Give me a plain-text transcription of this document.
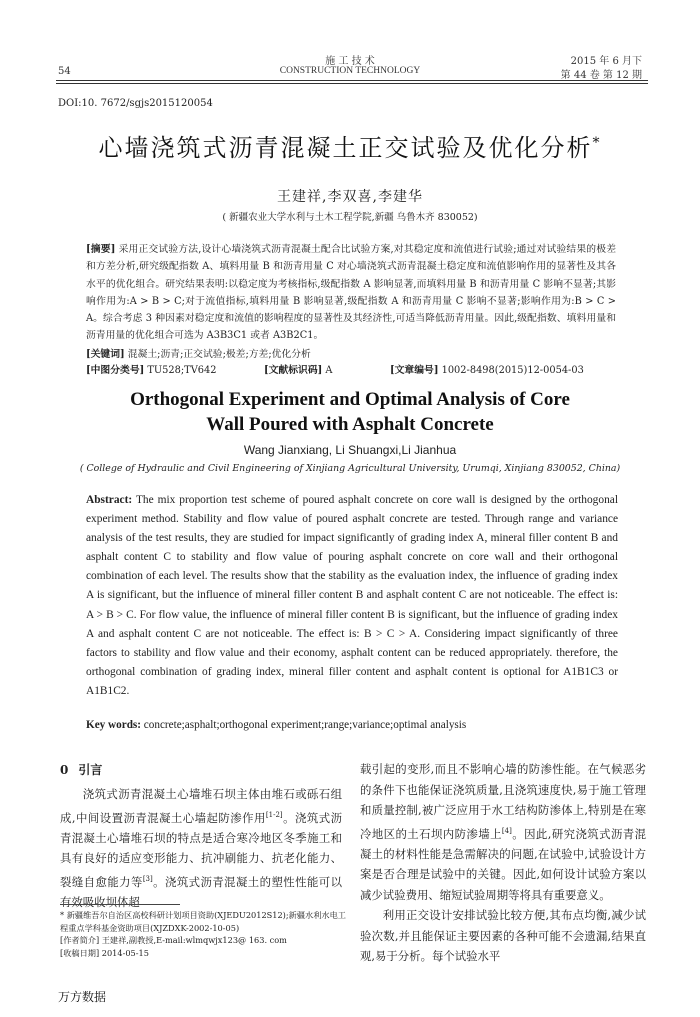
施 工 技 术
CONSTRUCTION TECHNOLOGY
54
2015 年 6 月下
第 44 卷 第 12 期
DOI:10. 7672/sgjs2015120054
心墙浇筑式沥青混凝土正交试验及优化分析*
王建祥,李双喜,李建华
( 新疆农业大学水利与土木工程学院,新疆 乌鲁木齐 830052)
[摘要] 采用正交试验方法,设计心墙浇筑式沥青混凝土配合比试验方案,对其稳定度和流值进行试验;通过对试验结果的极差和方差分析,研究级配指数 A、填料用量 B 和沥青用量 C 对心墙浇筑式沥青混凝土稳定度和流值影响作用的显著性及其各水平的优化组合。研究结果表明:以稳定度为考核指标,级配指数 A 影响显著,而填料用量 B 和沥青用量 C 影响不显著;其影响作用为:A > B > C;对于流值指标,填料用量 B 影响显著,级配指数 A 和沥青用量 C 影响不显著;影响作用为:B > C > A。综合考虑 3 种因素对稳定度和流值的影响程度的显著性及其经济性,可适当降低沥青用量。因此,级配指数、填料用量和沥青用量的优化组合可选为 A3B3C1 或者 A3B2C1。
[关键词] 混凝土;沥青;正交试验;极差;方差;优化分析
[中图分类号] TU528;TV642	[文献标识码] A	[文章编号] 1002-8498(2015)12-0054-03
Orthogonal Experiment and Optimal Analysis of Core Wall Poured with Asphalt Concrete
Wang Jianxiang, Li Shuangxi,Li Jianhua
( College of Hydraulic and Civil Engineering of Xinjiang Agricultural University, Urumqi, Xinjiang 830052, China)
Abstract: The mix proportion test scheme of poured asphalt concrete on core wall is designed by the orthogonal experiment method. Stability and flow value of poured asphalt concrete are tested. Through range and variance analysis of the test results, they are studied for impact significantly of grading index A, mineral filler content B and asphalt content C to stability and flow value of pouring asphalt concrete on core wall and their orthogonal combination of each level. The results show that the stability as the evaluation index, the influence of grading index A is significant, but the influence of mineral filler content B and asphalt content C are not noticeable. The effect is: A > B > C. For flow value, the influence of mineral filler content B is significant, but the influence of grading index A and asphalt content C are not noticeable. The effect is: B > C > A. Considering impact significantly of three factors to stability and flow value and their economy, asphalt content can be reduced appropriately. therefore, the orthogonal combination of grading index, mineral filler content and asphalt content is optional for A1B1C3 or A1B1C2.
Key words: concrete;asphalt;orthogonal experiment;range;variance;optimal analysis
0 引言
浇筑式沥青混凝土心墙堆石坝主体由堆石或砾石组成,中间设置沥青混凝土心墙起防渗作用[1-2]。浇筑式沥青混凝土心墙堆石坝的特点是适合寒冷地区冬季施工和具有良好的适应变形能力、抗冲刷能力、抗老化能力、裂缝自愈能力等[3]。浇筑式沥青混凝土的塑性性能可以有效吸收坝体超
* 新疆维吾尔自治区高校科研计划项目资助(XJEDU2012S12);新疆水利水电工程重点学科基金资助项目(XJZDXK-2002-10-05)
[作者简介] 王建祥,副教授,E-mail:wlmqwjx123@ 163. com
[收稿日期] 2014-05-15
载引起的变形,而且不影响心墙的防渗性能。在气候恶劣的条件下也能保证浇筑质量,且浇筑速度快,易于施工管理和质量控制,被广泛应用于水工结构防渗体上,特别是在寒冷地区的土石坝内防渗墙上[4]。因此,研究浇筑式沥青混凝土的材料性能是急需解决的问题,在试验中,试验设计方案是否合理是试验中的关键。因此,如何设计试验方案以减少试验费用、缩短试验周期等将具有重要意义。
利用正交设计安排试验比较方便,其布点均衡,减少试验次数,并且能保证主要因素的各种可能不会遗漏,结果直观,易于分析。每个试验水平
万方数据
